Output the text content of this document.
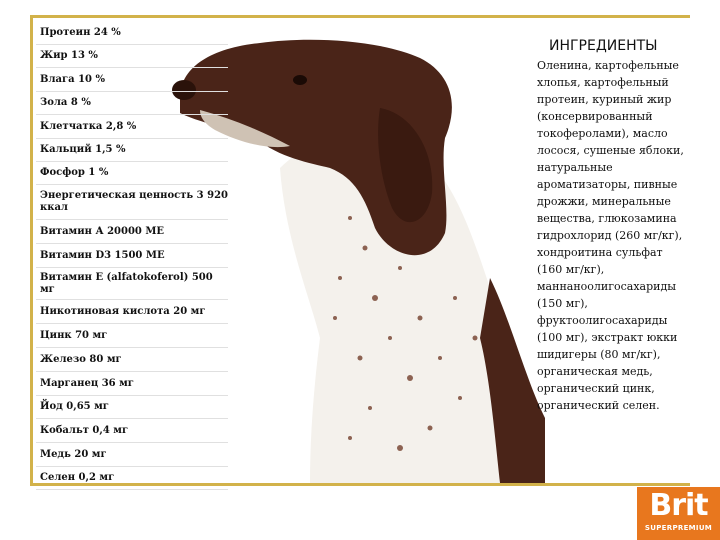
Протеин 24 %
Жир 13 %
Влага 10 %
Зола 8 %
Клетчатка 2,8 %
Кальций 1,5 %
Фосфор 1 %
Энергетическая ценность 3 920 ккал
Витамин А 20000 МЕ
Витамин D3 1500 МЕ
Витамин Е (alfatokoferol) 500 мг
Никотиновая кислота 20 мг
Цинк 70 мг
Железо 80 мг
Марганец 36 мг
Йод 0,65 мг
Кобальт 0,4 мг
Медь 20 мг
Селен 0,2 мг
ИНГРЕДИЕНТЫ
Оленина, картофельные хлопья, картофельный протеин, куриный жир (консервированный токоферолами), масло лосося, сушеные яблоки, натуральные ароматизаторы, пивные дрожжи, минеральные вещества, глюкозамина гидрохлорид (260 мг/кг), хондроитина сульфат (160 мг/кг), маннаноолигосахариды (150 мг), фруктоолигосахариды (100 мг), экстракт юкки шидигеры (80 мг/кг), органическая медь, органический цинк, органический селен.
Brit
SUPERPREMIUM
